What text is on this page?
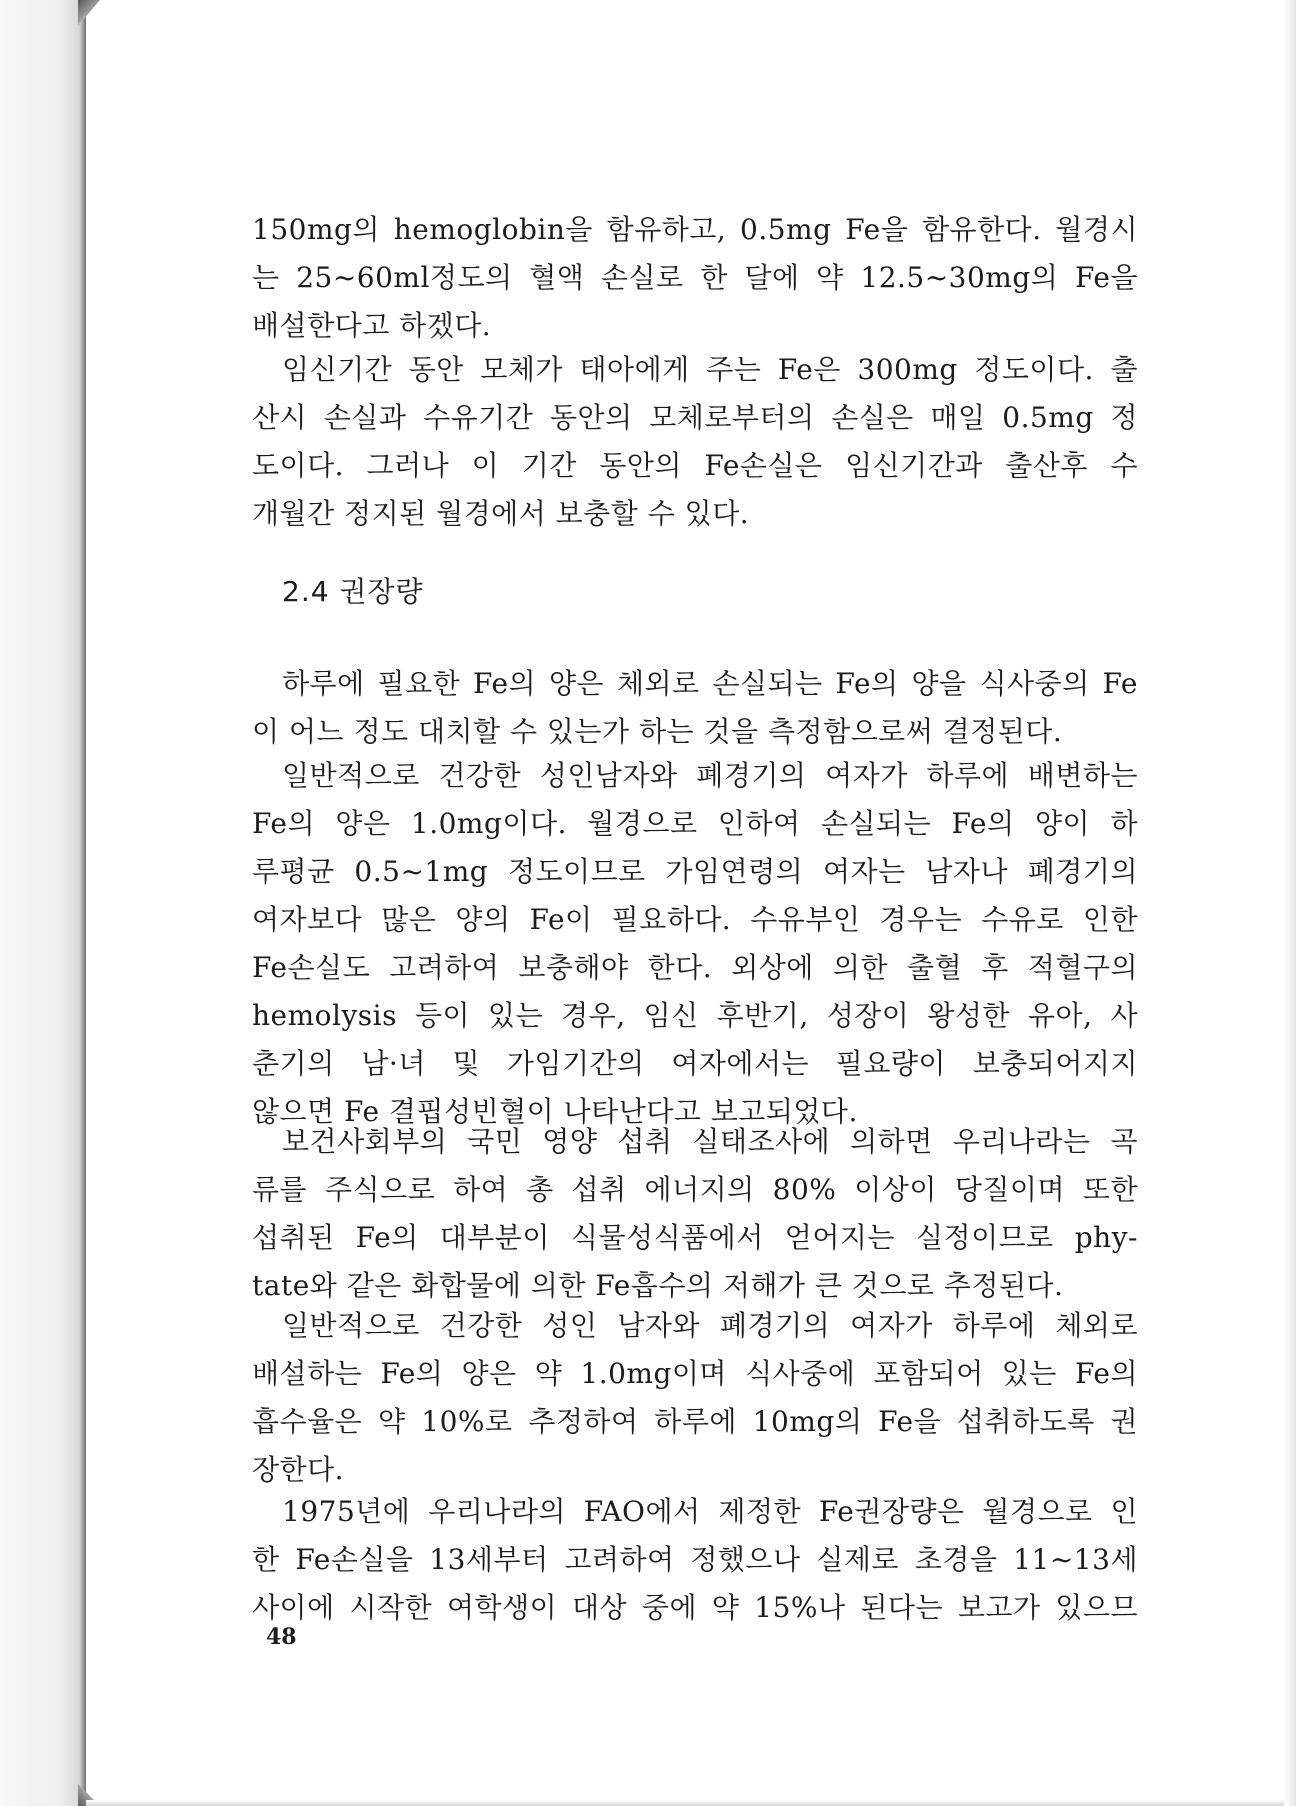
150mg의 hemoglobin을 함유하고, 0.5mg Fe을 함유한다. 월경시
는 25~60ml정도의 혈액 손실로 한 달에 약 12.5~30mg의 Fe을
배설한다고 하겠다.
임신기간 동안 모체가 태아에게 주는 Fe은 300mg 정도이다. 출
산시 손실과 수유기간 동안의 모체로부터의 손실은 매일 0.5mg 정
도이다. 그러나 이 기간 동안의 Fe손실은 임신기간과 출산후 수
개월간 정지된 월경에서 보충할 수 있다.
2.4 권장량
하루에 필요한 Fe의 양은 체외로 손실되는 Fe의 양을 식사중의 Fe
이 어느 정도 대치할 수 있는가 하는 것을 측정함으로써 결정된다.
일반적으로 건강한 성인남자와 폐경기의 여자가 하루에 배변하는
Fe의 양은 1.0mg이다. 월경으로 인하여 손실되는 Fe의 양이 하
루평균 0.5~1mg 정도이므로 가임연령의 여자는 남자나 폐경기의
여자보다 많은 양의 Fe이 필요하다. 수유부인 경우는 수유로 인한
Fe손실도 고려하여 보충해야 한다. 외상에 의한 출혈 후 적혈구의
hemolysis 등이 있는 경우, 임신 후반기, 성장이 왕성한 유아, 사
춘기의 남·녀 및 가임기간의 여자에서는 필요량이 보충되어지지
않으면 Fe 결핍성빈혈이 나타난다고 보고되었다.
보건사회부의 국민 영양 섭취 실태조사에 의하면 우리나라는 곡
류를 주식으로 하여 총 섭취 에너지의 80% 이상이 당질이며 또한
섭취된 Fe의 대부분이 식물성식품에서 얻어지는 실정이므로 phy-
tate와 같은 화합물에 의한 Fe흡수의 저해가 큰 것으로 추정된다.
일반적으로 건강한 성인 남자와 폐경기의 여자가 하루에 체외로
배설하는 Fe의 양은 약 1.0mg이며 식사중에 포함되어 있는 Fe의
흡수율은 약 10%로 추정하여 하루에 10mg의 Fe을 섭취하도록 권
장한다.
1975년에 우리나라의 FAO에서 제정한 Fe권장량은 월경으로 인
한 Fe손실을 13세부터 고려하여 정했으나 실제로 초경을 11~13세
사이에 시작한 여학생이 대상 중에 약 15%나 된다는 보고가 있으므
48
